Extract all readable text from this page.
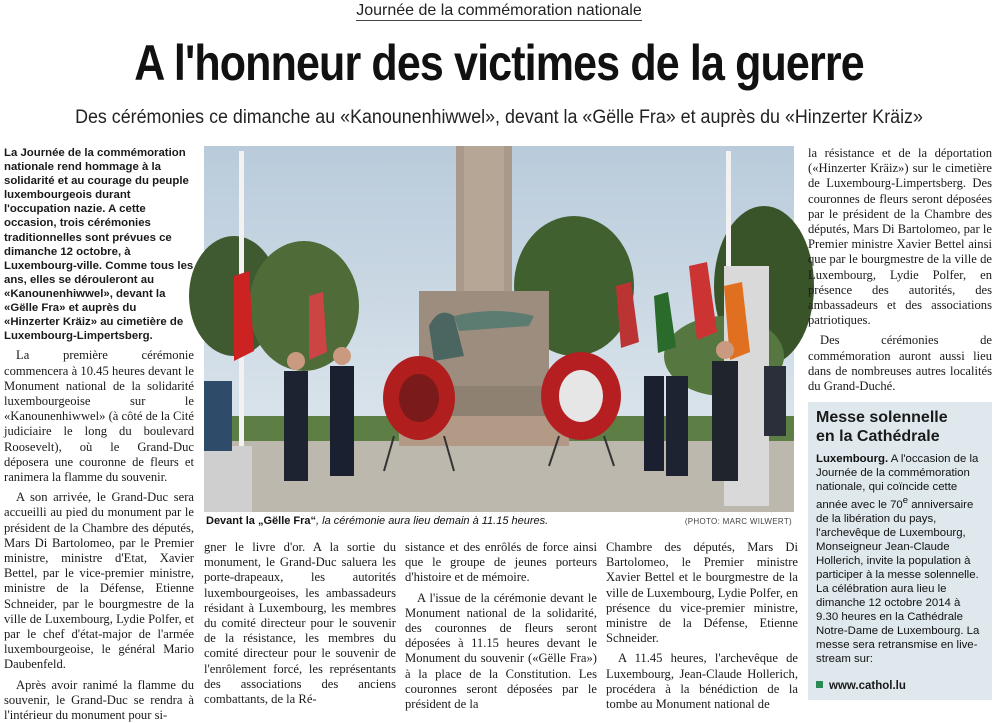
Journée de la commémoration nationale
A l'honneur des victimes de la guerre
Des cérémonies ce dimanche au «Kanounenhiwwel», devant la «Gëlle Fra» et auprès du «Hinzerter Kräiz»

La Journée de la commémoration nationale rend hommage à la solidarité et au courage du peuple luxembourgeois durant l'occupation nazie. A cette occasion, trois cérémonies traditionnelles sont prévues ce dimanche 12 octobre, à Luxembourg-ville. Comme tous les ans, elles se dérouleront au «Kanounenhiwwel», devant la «Gëlle Fra» et auprès du «Hinzerter Kräiz» au cimetière de Luxembourg-Limpertsberg.

La première cérémonie commencera à 10.45 heures devant le Monument national de la solidarité luxembourgeoise sur le «Kanounenhiwwel» (à côté de la Cité judiciaire le long du boulevard Roosevelt), où le Grand-Duc déposera une couronne de fleurs et ranimera la flamme du souvenir.

A son arrivée, le Grand-Duc sera accueilli au pied du monument par le président de la Chambre des députés, Mars Di Bartolomeo, par le Premier ministre, ministre d'Etat, Xavier Bettel, par le vice-premier ministre, ministre de la Défense, Etienne Schneider, par le bourgmestre de la ville de Luxembourg, Lydie Polfer, et par le chef d'état-major de l'armée luxembourgeoise, le général Mario Daubenfeld.

Après avoir ranimé la flamme du souvenir, le Grand-Duc se rendra à l'intérieur du monument pour si-

Devant la „Gëlle Fra“, la cérémonie aura lieu demain à 11.15 heures.	(PHOTO: MARC WILWERT)

gner le livre d'or. A la sortie du monument, le Grand-Duc saluera les porte-drapeaux, les autorités luxembourgeoises, les ambassadeurs résidant à Luxembourg, les membres du comité directeur pour le souvenir de la résistance, les membres du comité directeur pour le souvenir de l'enrôlement forcé, les représentants des associations des anciens combattants, de la Ré-

sistance et des enrôlés de force ainsi que le groupe de jeunes porteurs d'histoire et de mémoire.

A l'issue de la cérémonie devant le Monument national de la solidarité, des couronnes de fleurs seront déposées à 11.15 heures devant le Monument du souvenir («Gëlle Fra») à la place de la Constitution. Les couronnes seront déposées par le président de la

Chambre des députés, Mars Di Bartolomeo, le Premier ministre Xavier Bettel et le bourgmestre de la ville de Luxembourg, Lydie Polfer, en présence du vice-premier ministre, ministre de la Défense, Etienne Schneider.

A 11.45 heures, l'archevêque de Luxembourg, Jean-Claude Hollerich, procédera à la bénédiction de la tombe au Monument national de

la résistance et de la déportation («Hinzerter Kräiz») sur le cimetière de Luxembourg-Limpertsberg. Des couronnes de fleurs seront déposées par le président de la Chambre des députés, Mars Di Bartolomeo, par le Premier ministre Xavier Bettel ainsi que par le bourgmestre de la ville de Luxembourg, Lydie Polfer, en présence des autorités, des ambassadeurs et des associations patriotiques.

Des cérémonies de commémoration auront aussi lieu dans de nombreuses autres localités du Grand-Duché.

Messe solennelle
en la Cathédrale
Luxembourg. A l'occasion de la Journée de la commémoration nationale, qui coïncide cette année avec le 70e anniversaire de la libération du pays, l'archevêque de Luxembourg, Monseigneur Jean-Claude Hollerich, invite la population à participer à la messe solennelle. La célébration aura lieu le dimanche 12 octobre 2014 à 9.30 heures en la Cathédrale Notre-Dame de Luxembourg. La messe sera retransmise en live-stream sur:
www.cathol.lu
